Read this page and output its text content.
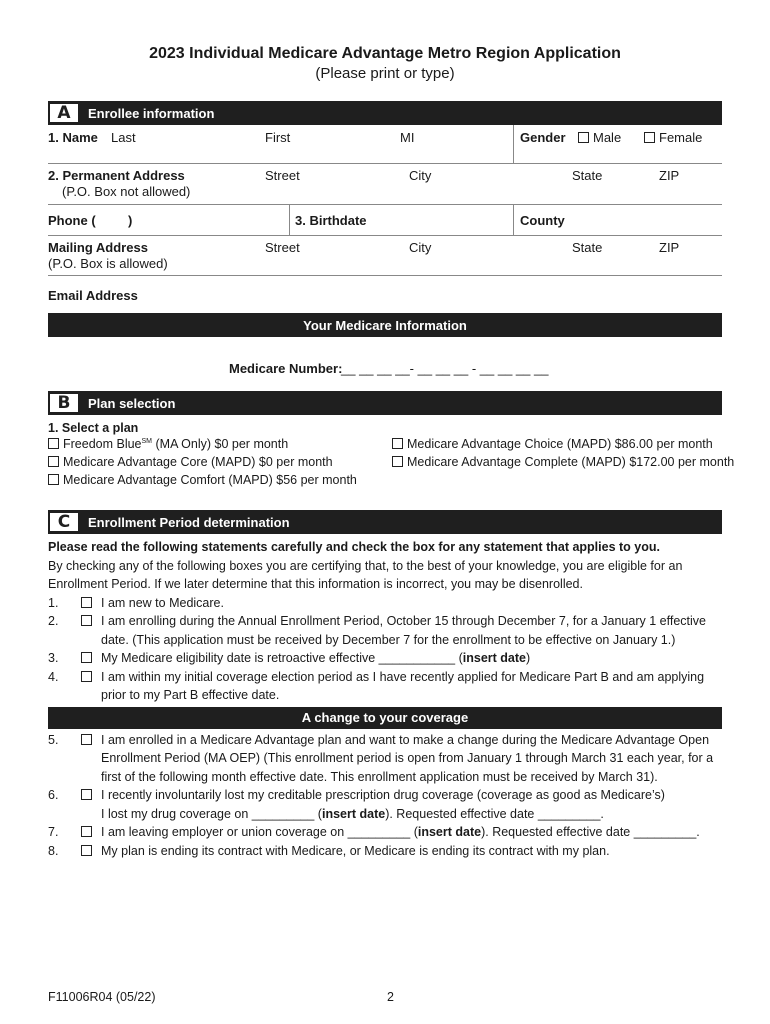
2023 Individual Medicare Advantage Metro Region Application
(Please print or type)
A	Enrollee information
1. Name Last	First	MI	Gender	Male	Female
2. Permanent Address
(P.O. Box not allowed)
Street	City	State	ZIP
Phone ( )	3. Birthdate	County
Mailing Address
(P.O. Box is allowed)
Street	City	State	ZIP
Email Address
Your Medicare Information
Medicare Number:
__ __ __ __- __ __ __ - __ __ __ __
B	Plan selection
1. Select a plan
Freedom Blue℠ (MA Only) $0 per month
Medicare Advantage Core (MAPD) $0 per month
Medicare Advantage Comfort (MAPD) $56 per month
Medicare Advantage Choice (MAPD) $86.00 per month
Medicare Advantage Complete (MAPD) $172.00 per month
C	Enrollment Period determination
Please read the following statements carefully and check the box for any statement that applies to you.
By checking any of the following boxes you are certifying that, to the best of your knowledge, you are eligible for an Enrollment Period. If we later determine that this information is incorrect, you may be disenrolled.
1.	I am new to Medicare.
2.	I am enrolling during the Annual Enrollment Period, October 15 through December 7, for a January 1 effective date. (This application must be received by December 7 for the enrollment to be effective on January 1.)
3.	My Medicare eligibility date is retroactive effective ___________ (insert date)
4.	I am within my initial coverage election period as I have recently applied for Medicare Part B and am applying prior to my Part B effective date.
A change to your coverage
5.	I am enrolled in a Medicare Advantage plan and want to make a change during the Medicare Advantage Open Enrollment Period (MA OEP) (This enrollment period is open from January 1 through March 31 each year, for a first of the following month effective date. This enrollment application must be received by March 31).
6.	I recently involuntarily lost my creditable prescription drug coverage (coverage as good as Medicare’s)
I lost my drug coverage on _________ (insert date). Requested effective date _________.
7.	I am leaving employer or union coverage on _________ (insert date). Requested effective date _________.
8.	My plan is ending its contract with Medicare, or Medicare is ending its contract with my plan.
F11006R04 (05/22)	2
